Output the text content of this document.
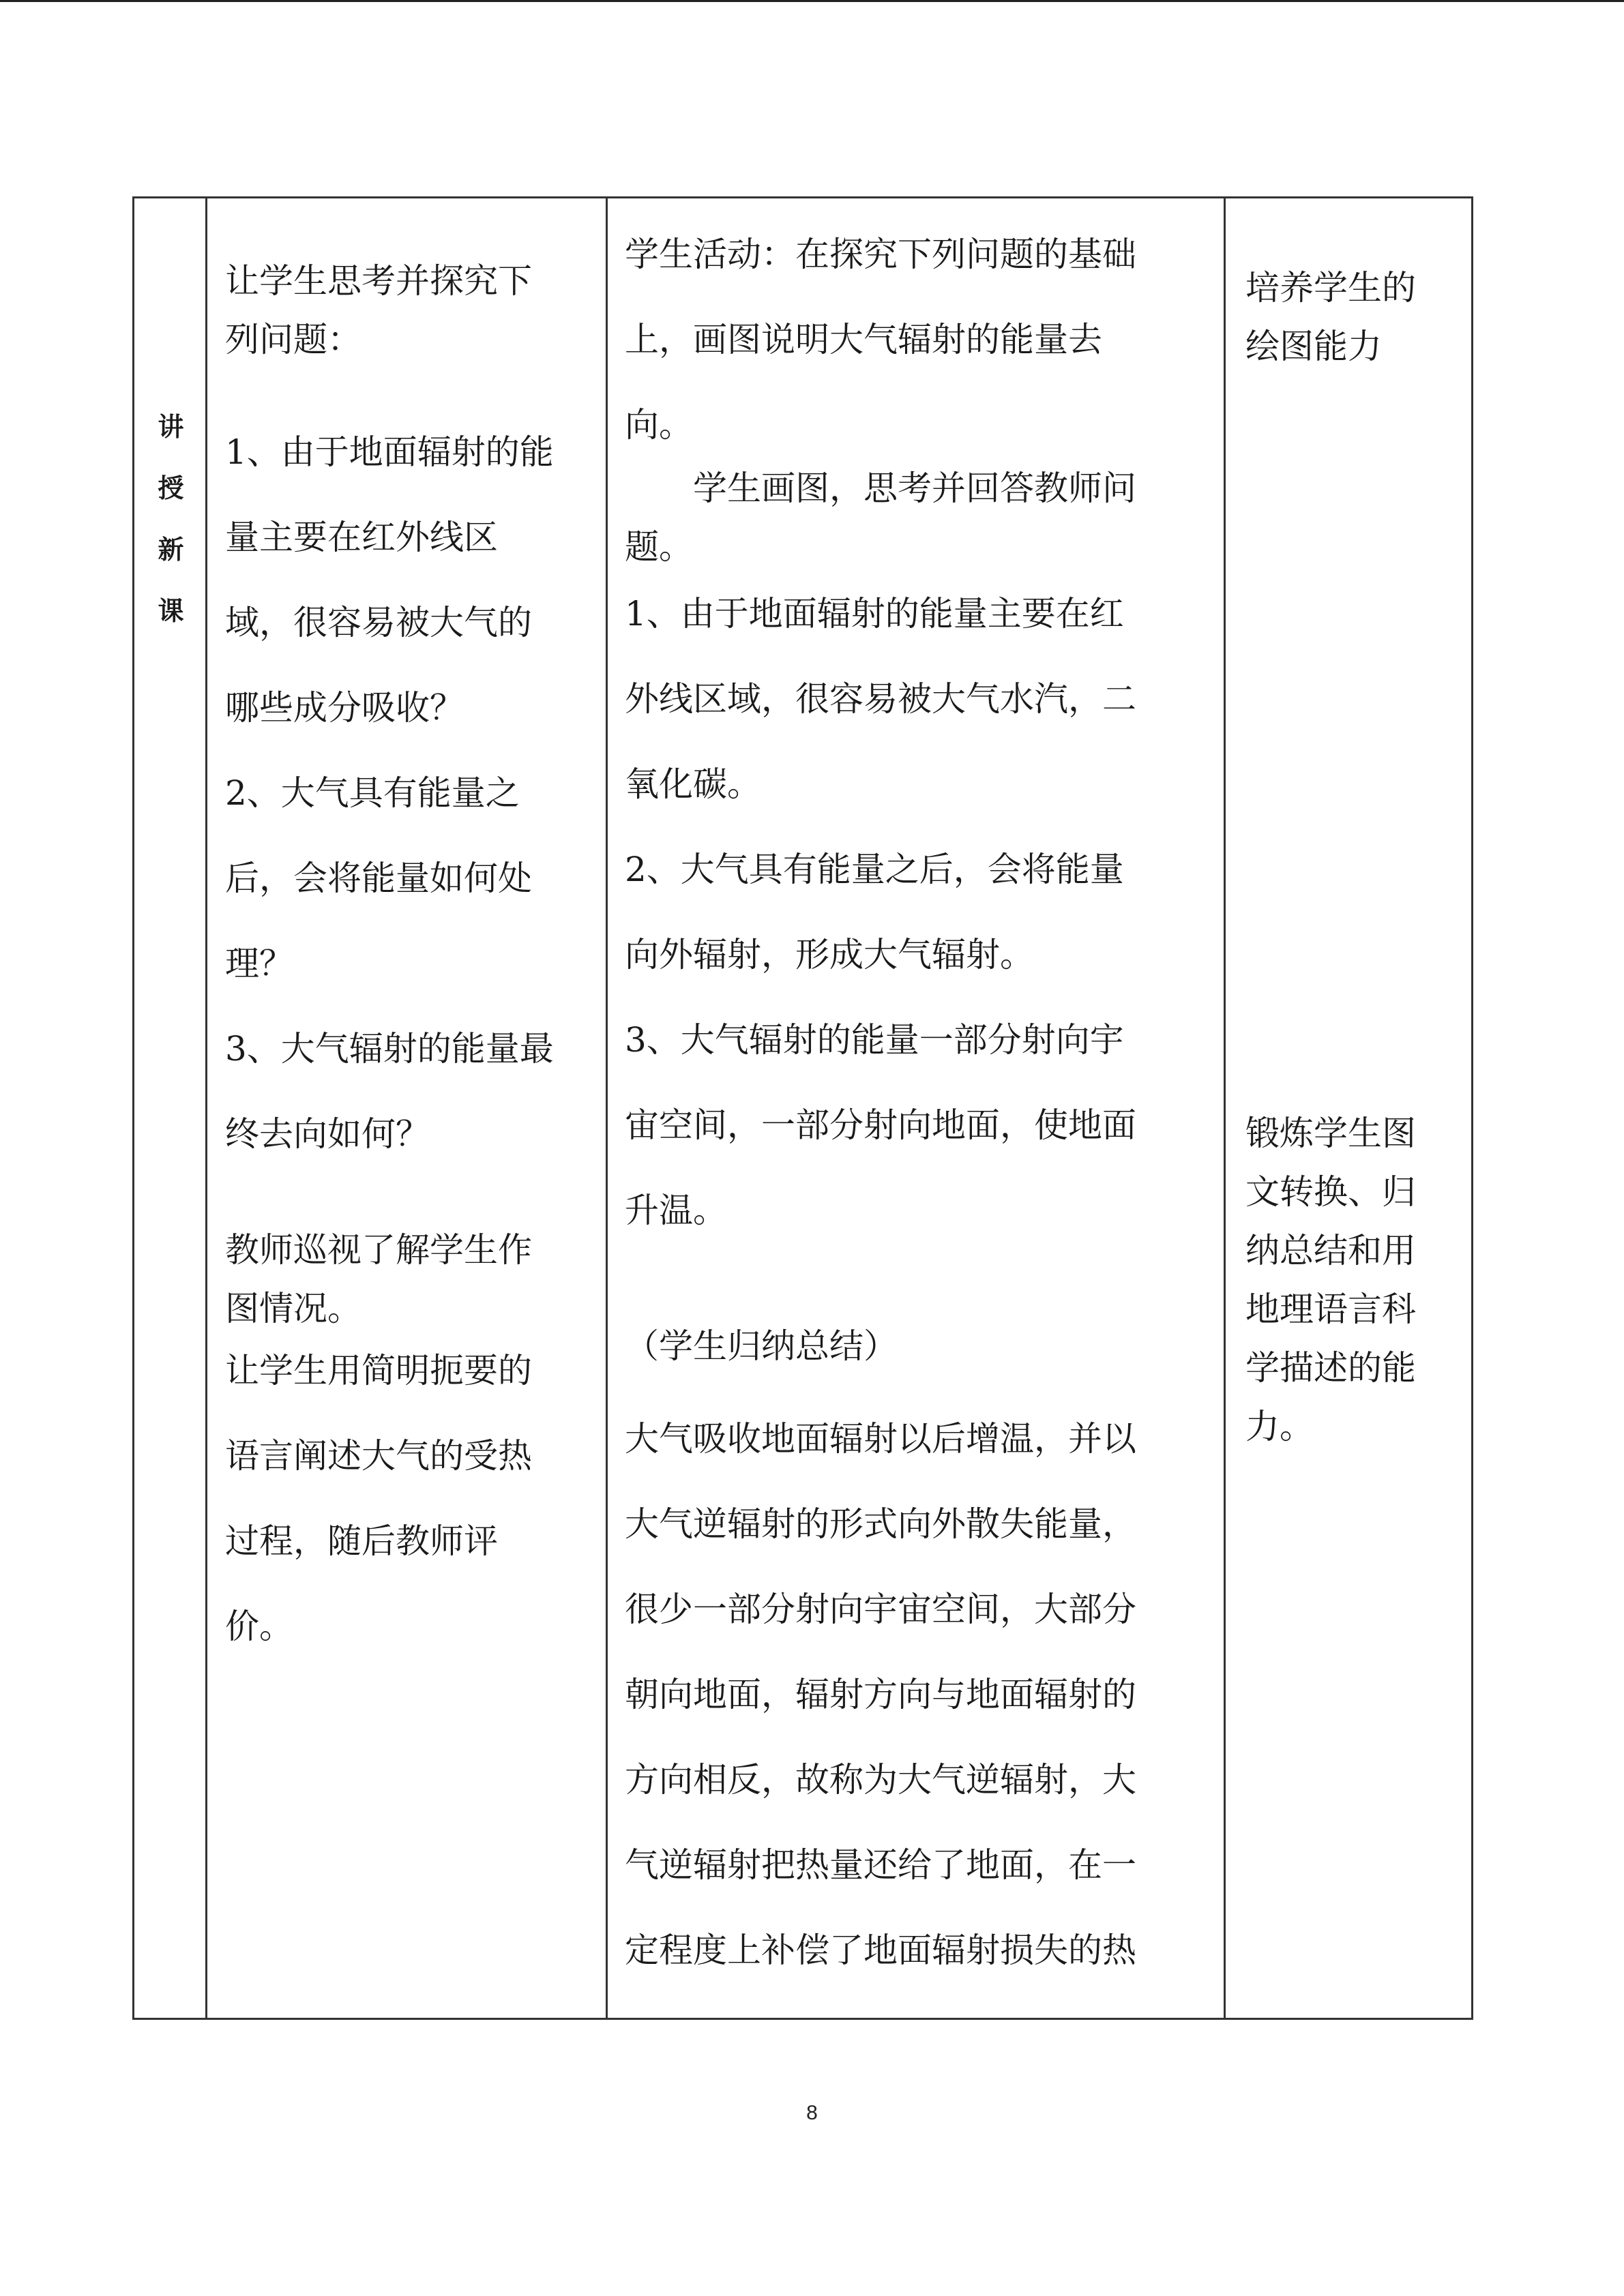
讲
授
新
课

让学生思考并探究下
列问题：

1、由于地面辐射的能
量主要在红外线区
域，很容易被大气的
哪些成分吸收？
2、大气具有能量之
后，会将能量如何处
理？
3、大气辐射的能量最
终去向如何？

教师巡视了解学生作
图情况。

让学生用简明扼要的
语言阐述大气的受热
过程，随后教师评
价。

学生活动：在探究下列问题的基础
上，画图说明大气辐射的能量去
向。

　　学生画图，思考并回答教师问
题。

1、由于地面辐射的能量主要在红
外线区域，很容易被大气水汽，二
氧化碳。
2、大气具有能量之后，会将能量
向外辐射，形成大气辐射。
3、大气辐射的能量一部分射向宇
宙空间，一部分射向地面，使地面
升温。

（学生归纳总结）

大气吸收地面辐射以后增温，并以
大气逆辐射的形式向外散失能量，
很少一部分射向宇宙空间，大部分
朝向地面，辐射方向与地面辐射的
方向相反，故称为大气逆辐射，大
气逆辐射把热量还给了地面，在一
定程度上补偿了地面辐射损失的热

培养学生的
绘图能力

锻炼学生图
文转换、归
纳总结和用
地理语言科
学描述的能
力。

8
